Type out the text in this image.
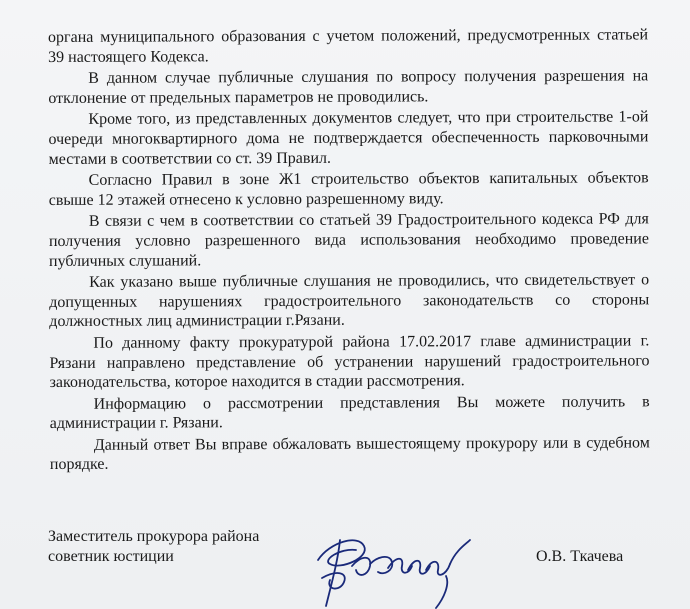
органа муниципального образования с учетом положений, предусмотренных статьей 39 настоящего Кодекса.

В данном случае публичные слушания по вопросу получения разрешения на отклонение от предельных параметров не проводились.

Кроме того, из представленных документов следует, что при строительстве 1-ой очереди многоквартирного дома не подтверждается обеспеченность парковочными местами в соответствии со ст. 39 Правил.

Согласно Правил в зоне Ж1 строительство объектов капитальных объектов свыше 12 этажей отнесено к условно разрешенному виду.

В связи с чем в соответствии со статьей 39 Градостроительного кодекса РФ для получения условно разрешенного вида использования необходимо проведение публичных слушаний.

Как указано выше публичные слушания не проводились, что свидетельствует о допущенных нарушениях градостроительного законодательств со стороны должностных лиц администрации г.Рязани.

По данному факту прокуратурой района 17.02.2017 главе администрации г. Рязани направлено представление об устранении нарушений градостроительного законодательства, которое находится в стадии рассмотрения.

Информацию о рассмотрении представления Вы можете получить в администрации г. Рязани.

Данный ответ Вы вправе обжаловать вышестоящему прокурору или в судебном порядке.

Заместитель прокурора района
советник юстиции	О.В. Ткачева
